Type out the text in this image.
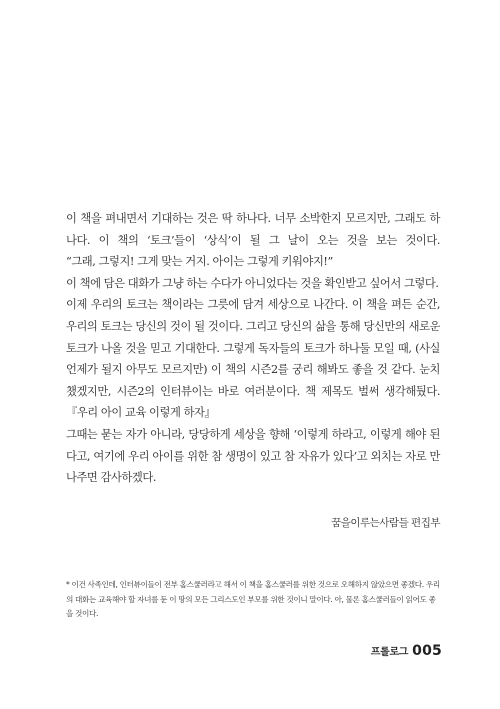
이 책을 펴내면서 기대하는 것은 딱 하나다. 너무 소박한지 모르지만, 그래도 하나다. 이 책의 ‘토크’들이 ‘상식’이 될 그 날이 오는 것을 보는 것이다.

“그래, 그렇지! 그게 맞는 거지. 아이는 그렇게 키워야지!”

이 책에 담은 대화가 그냥 하는 수다가 아니었다는 것을 확인받고 싶어서 그렇다.

이제 우리의 토크는 책이라는 그릇에 담겨 세상으로 나간다. 이 책을 펴든 순간, 우리의 토크는 당신의 것이 될 것이다. 그리고 당신의 삶을 통해 당신만의 새로운 토크가 나올 것을 믿고 기대한다. 그렇게 독자들의 토크가 하나둘 모일 때, (사실 언제가 될지 아무도 모르지만) 이 책의 시즌2를 궁리 해봐도 좋을 것 같다. 눈치 챘겠지만, 시즌2의 인터뷰이는 바로 여러분이다. 책 제목도 벌써 생각해뒀다.『우리 아이 교육 이렇게 하자』

그때는 묻는 자가 아니라, 당당하게 세상을 향해 ‘이렇게 하라고, 이렇게 해야 된다고, 여기에 우리 아이를 위한 참 생명이 있고 참 자유가 있다’고 외치는 자로 만나주면 감사하겠다.

꿈을이루는사람들 편집부

* 이건 사족인데, 인터뷰이들이 전부 홈스쿨러라고 해서 이 책을 홈스쿨러를 위한 것으로 오해하지 않았으면 좋겠다. 우리의 대화는 교육해야 할 자녀를 둔 이 땅의 모든 그리스도인 부모를 위한 것이니 말이다. 아, 물론 홈스쿨러들이 읽어도 좋을 것이다.

프롤로그 005
